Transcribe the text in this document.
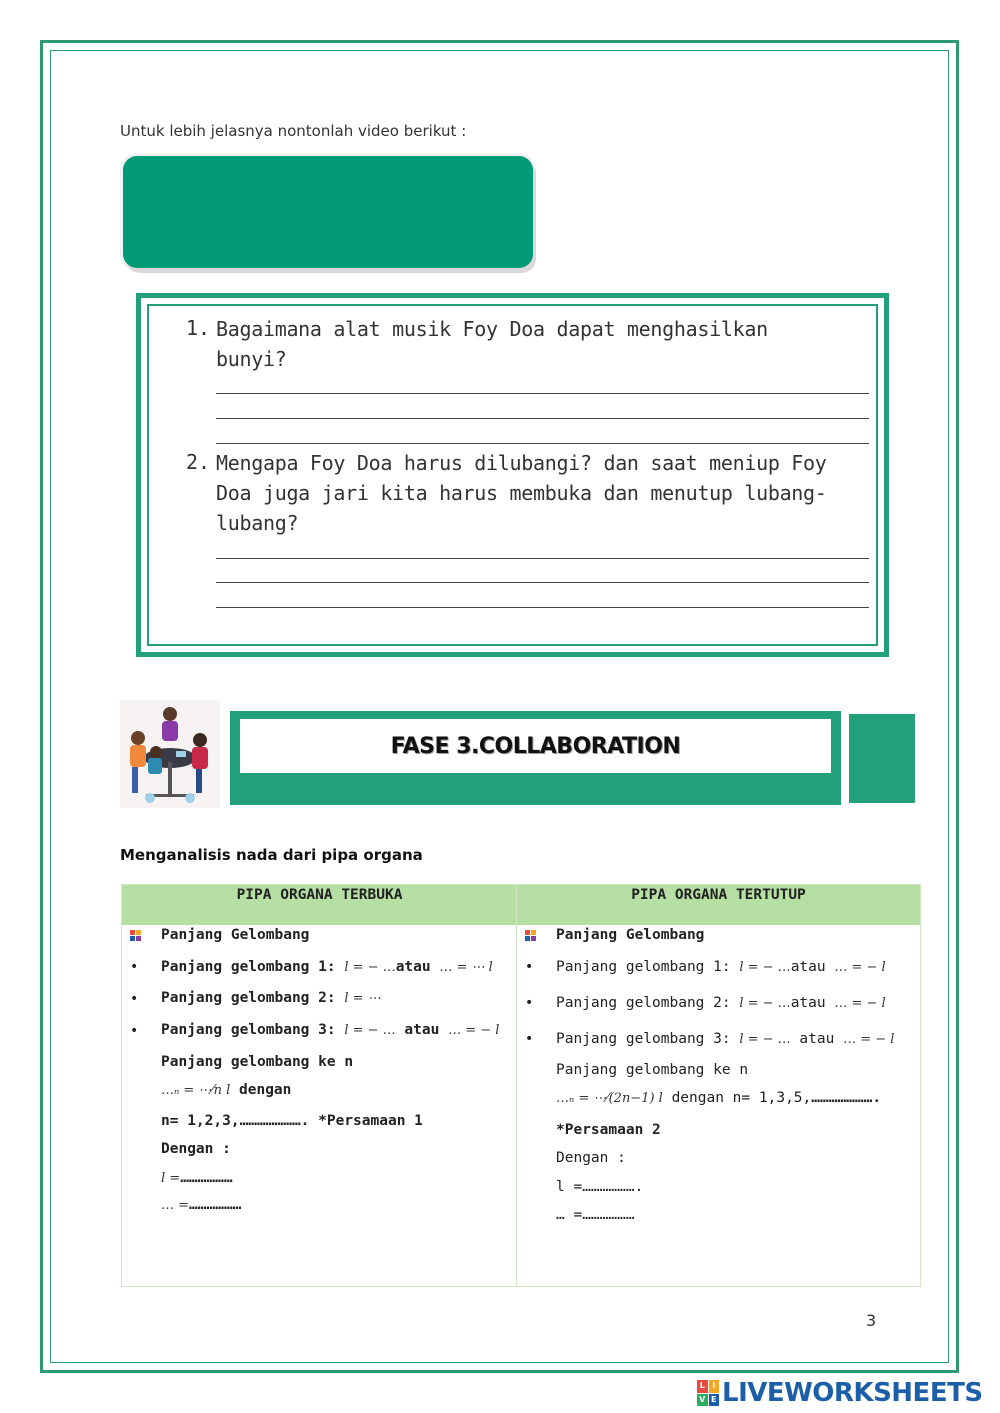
Untuk lebih jelasnya nontonlah video berikut :
1. Bagaimana alat musik Foy Doa dapat menghasilkan
bunyi?
2. Mengapa Foy Doa harus dilubangi? dan saat meniup Foy
Doa juga jari kita harus membuka dan menutup lubang-
lubang?
FASE 3.COLLABORATION
Menganalisis nada dari pipa organa
PIPA ORGANA TERBUKA	PIPA ORGANA TERTUTUP
Panjang Gelombang
• Panjang gelombang 1: l = − …atau … = ⋯ l
• Panjang gelombang 2: l = ⋯
• Panjang gelombang 3: l = − … atau … = − l
Panjang gelombang ke n
…ₙ = ⋯⁄n l dengan
n= 1,2,3,…………………. *Persamaan 1
Dengan :
l =………………
… =………………
Panjang Gelombang
• Panjang gelombang 1: l = − …atau … = − l
• Panjang gelombang 2: l = − …atau … = − l
• Panjang gelombang 3: l = − … atau … = − l
Panjang gelombang ke n
…ₙ = ⋯⁄(2n−1) l dengan n= 1,3,5,………………….
*Persamaan 2
Dengan :
l =……………….
… =………………
3
L I
V E LIVEWORKSHEETS
